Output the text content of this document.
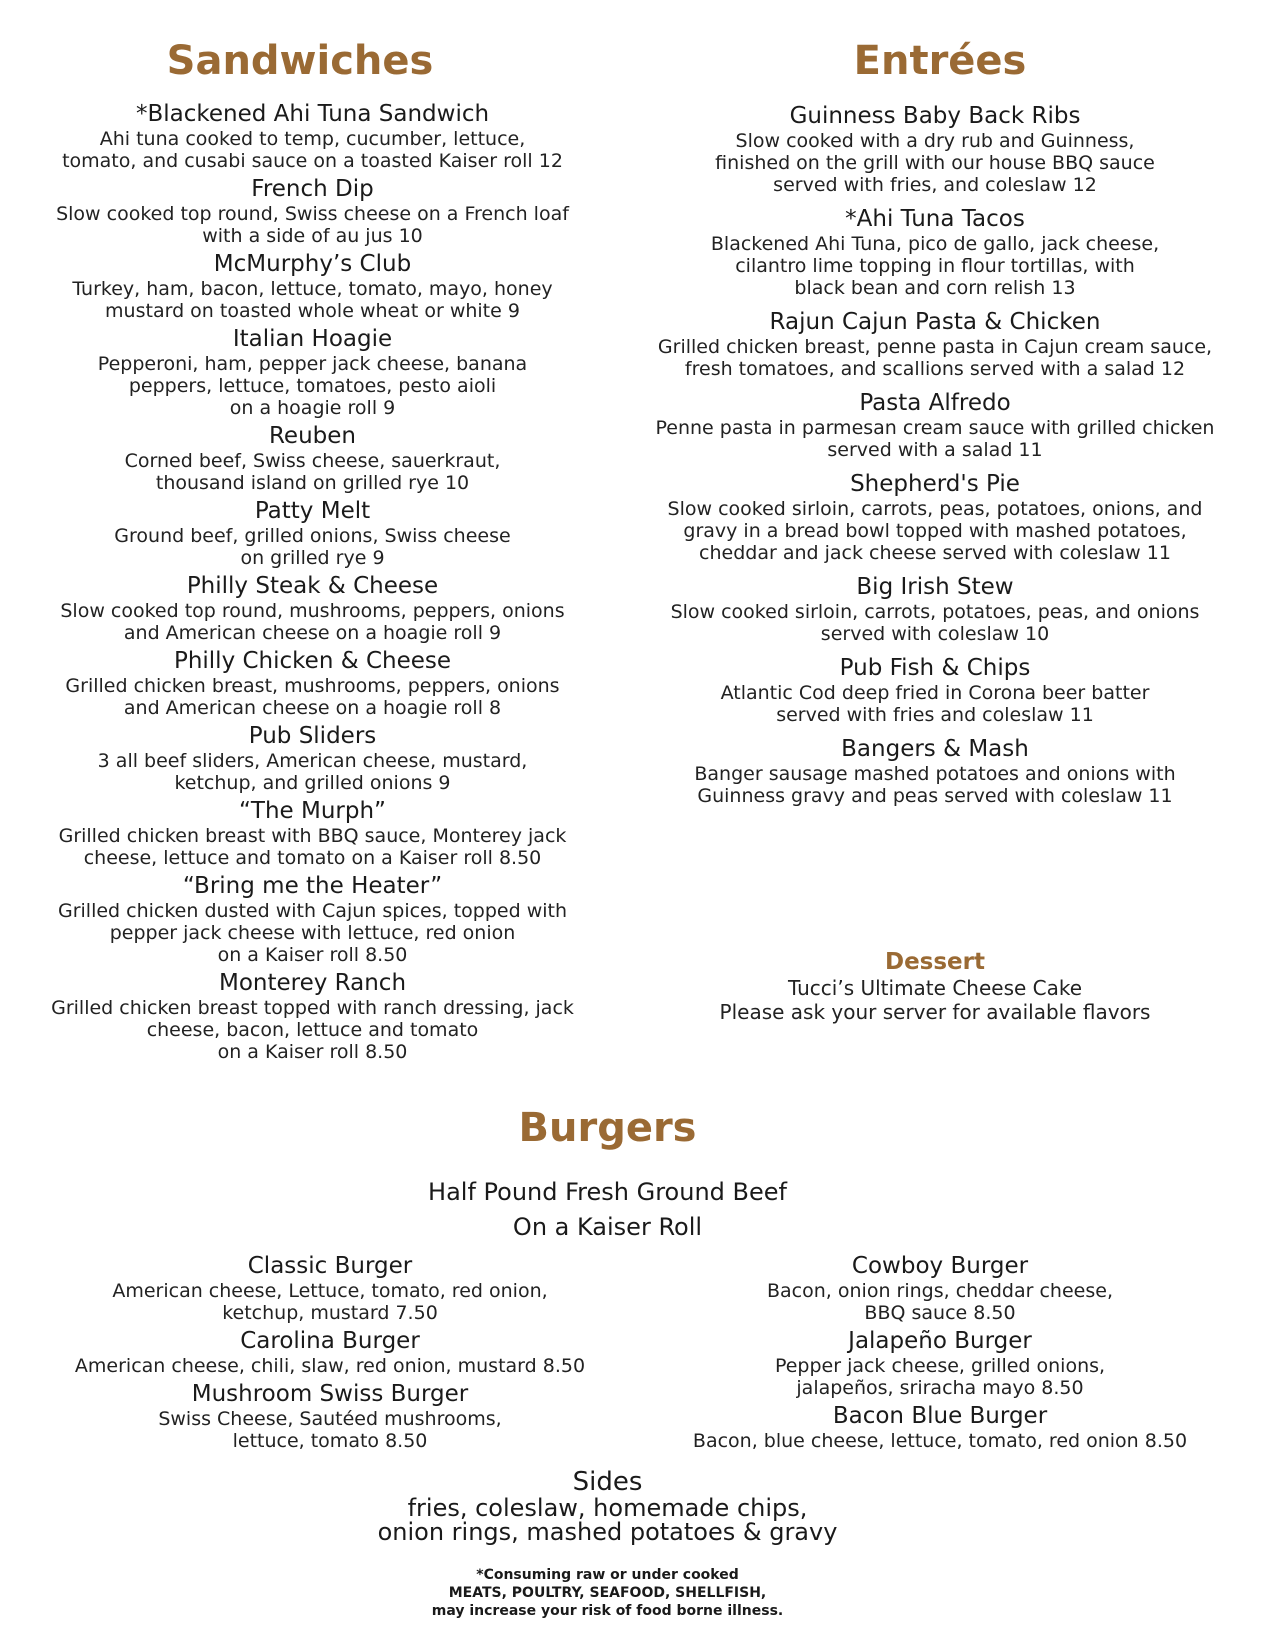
Sandwiches	Entrées
*Blackened Ahi Tuna Sandwich
Ahi tuna cooked to temp, cucumber, lettuce,
tomato, and cusabi sauce on a toasted Kaiser roll 12
French Dip
Slow cooked top round, Swiss cheese on a French loaf
with a side of au jus 10
McMurphy’s Club
Turkey, ham, bacon, lettuce, tomato, mayo, honey
mustard on toasted whole wheat or white 9
Italian Hoagie
Pepperoni, ham, pepper jack cheese, banana
peppers, lettuce, tomatoes, pesto aioli
on a hoagie roll 9
Reuben
Corned beef, Swiss cheese, sauerkraut,
thousand island on grilled rye 10
Patty Melt
Ground beef, grilled onions, Swiss cheese
on grilled rye 9
Philly Steak & Cheese
Slow cooked top round, mushrooms, peppers, onions
and American cheese on a hoagie roll 9
Philly Chicken & Cheese
Grilled chicken breast, mushrooms, peppers, onions
and American cheese on a hoagie roll 8
Pub Sliders
3 all beef sliders, American cheese, mustard,
ketchup, and grilled onions 9
“The Murph”
Grilled chicken breast with BBQ sauce, Monterey jack
cheese, lettuce and tomato on a Kaiser roll 8.50
“Bring me the Heater”
Grilled chicken dusted with Cajun spices, topped with
pepper jack cheese with lettuce, red onion
on a Kaiser roll 8.50
Monterey Ranch
Grilled chicken breast topped with ranch dressing, jack
cheese, bacon, lettuce and tomato
on a Kaiser roll 8.50
Guinness Baby Back Ribs
Slow cooked with a dry rub and Guinness,
finished on the grill with our house BBQ sauce
served with fries, and coleslaw 12
*Ahi Tuna Tacos
Blackened Ahi Tuna, pico de gallo, jack cheese,
cilantro lime topping in flour tortillas, with
black bean and corn relish 13
Rajun Cajun Pasta & Chicken
Grilled chicken breast, penne pasta in Cajun cream sauce,
fresh tomatoes, and scallions served with a salad 12
Pasta Alfredo
Penne pasta in parmesan cream sauce with grilled chicken
served with a salad 11
Shepherd's Pie
Slow cooked sirloin, carrots, peas, potatoes, onions, and
gravy in a bread bowl topped with mashed potatoes,
cheddar and jack cheese served with coleslaw 11
Big Irish Stew
Slow cooked sirloin, carrots, potatoes, peas, and onions
served with coleslaw 10
Pub Fish & Chips
Atlantic Cod deep fried in Corona beer batter
served with fries and coleslaw 11
Bangers & Mash
Banger sausage mashed potatoes and onions with
Guinness gravy and peas served with coleslaw 11
Dessert
Tucci’s Ultimate Cheese Cake
Please ask your server for available flavors
Burgers
Half Pound Fresh Ground Beef
On a Kaiser Roll
Classic Burger
American cheese, Lettuce, tomato, red onion,
ketchup, mustard 7.50
Carolina Burger
American cheese, chili, slaw, red onion, mustard 8.50
Mushroom Swiss Burger
Swiss Cheese, Sautéed mushrooms,
lettuce, tomato 8.50
Cowboy Burger
Bacon, onion rings, cheddar cheese,
BBQ sauce 8.50
Jalapeño Burger
Pepper jack cheese, grilled onions,
jalapeños, sriracha mayo 8.50
Bacon Blue Burger
Bacon, blue cheese, lettuce, tomato, red onion 8.50
Sides
fries, coleslaw, homemade chips,
onion rings, mashed potatoes & gravy
*Consuming raw or under cooked
MEATS, POULTRY, SEAFOOD, SHELLFISH,
may increase your risk of food borne illness.
